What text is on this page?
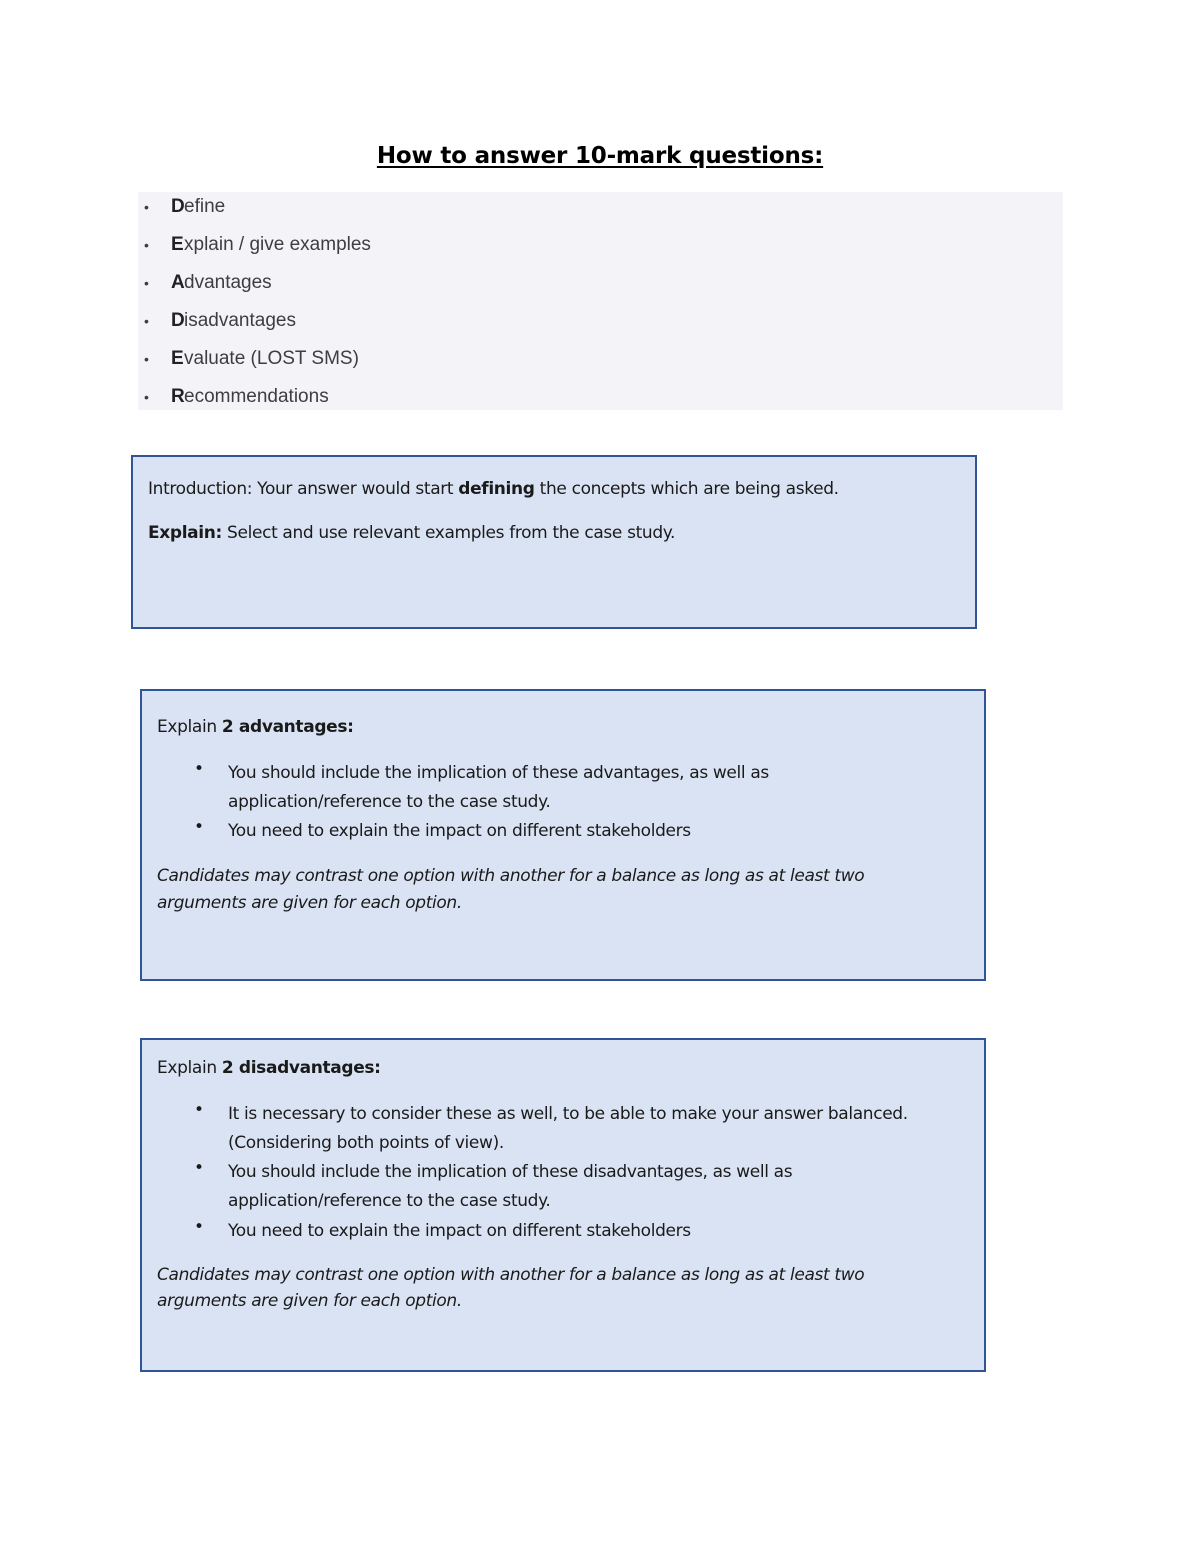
How to answer 10-mark questions:
• D efine
• E xplain / give examples
• A dvantages
• D isadvantages
• E valuate (LOST SMS)
• R ecommendations

Introduction: Your answer would start defining the concepts which are being asked.

Explain: Select and use relevant examples from the case study.

Explain 2 advantages:

• You should include the implication of these advantages, as well as
application/reference to the case study.
• You need to explain the impact on different stakeholders

Candidates may contrast one option with another for a balance as long as at least two

arguments are given for each option.

Explain 2 disadvantages:

• It is necessary to consider these as well, to be able to make your answer balanced.
(Considering both points of view).
• You should include the implication of these disadvantages, as well as
application/reference to the case study.
• You need to explain the impact on different stakeholders

Candidates may contrast one option with another for a balance as long as at least two

arguments are given for each option.
